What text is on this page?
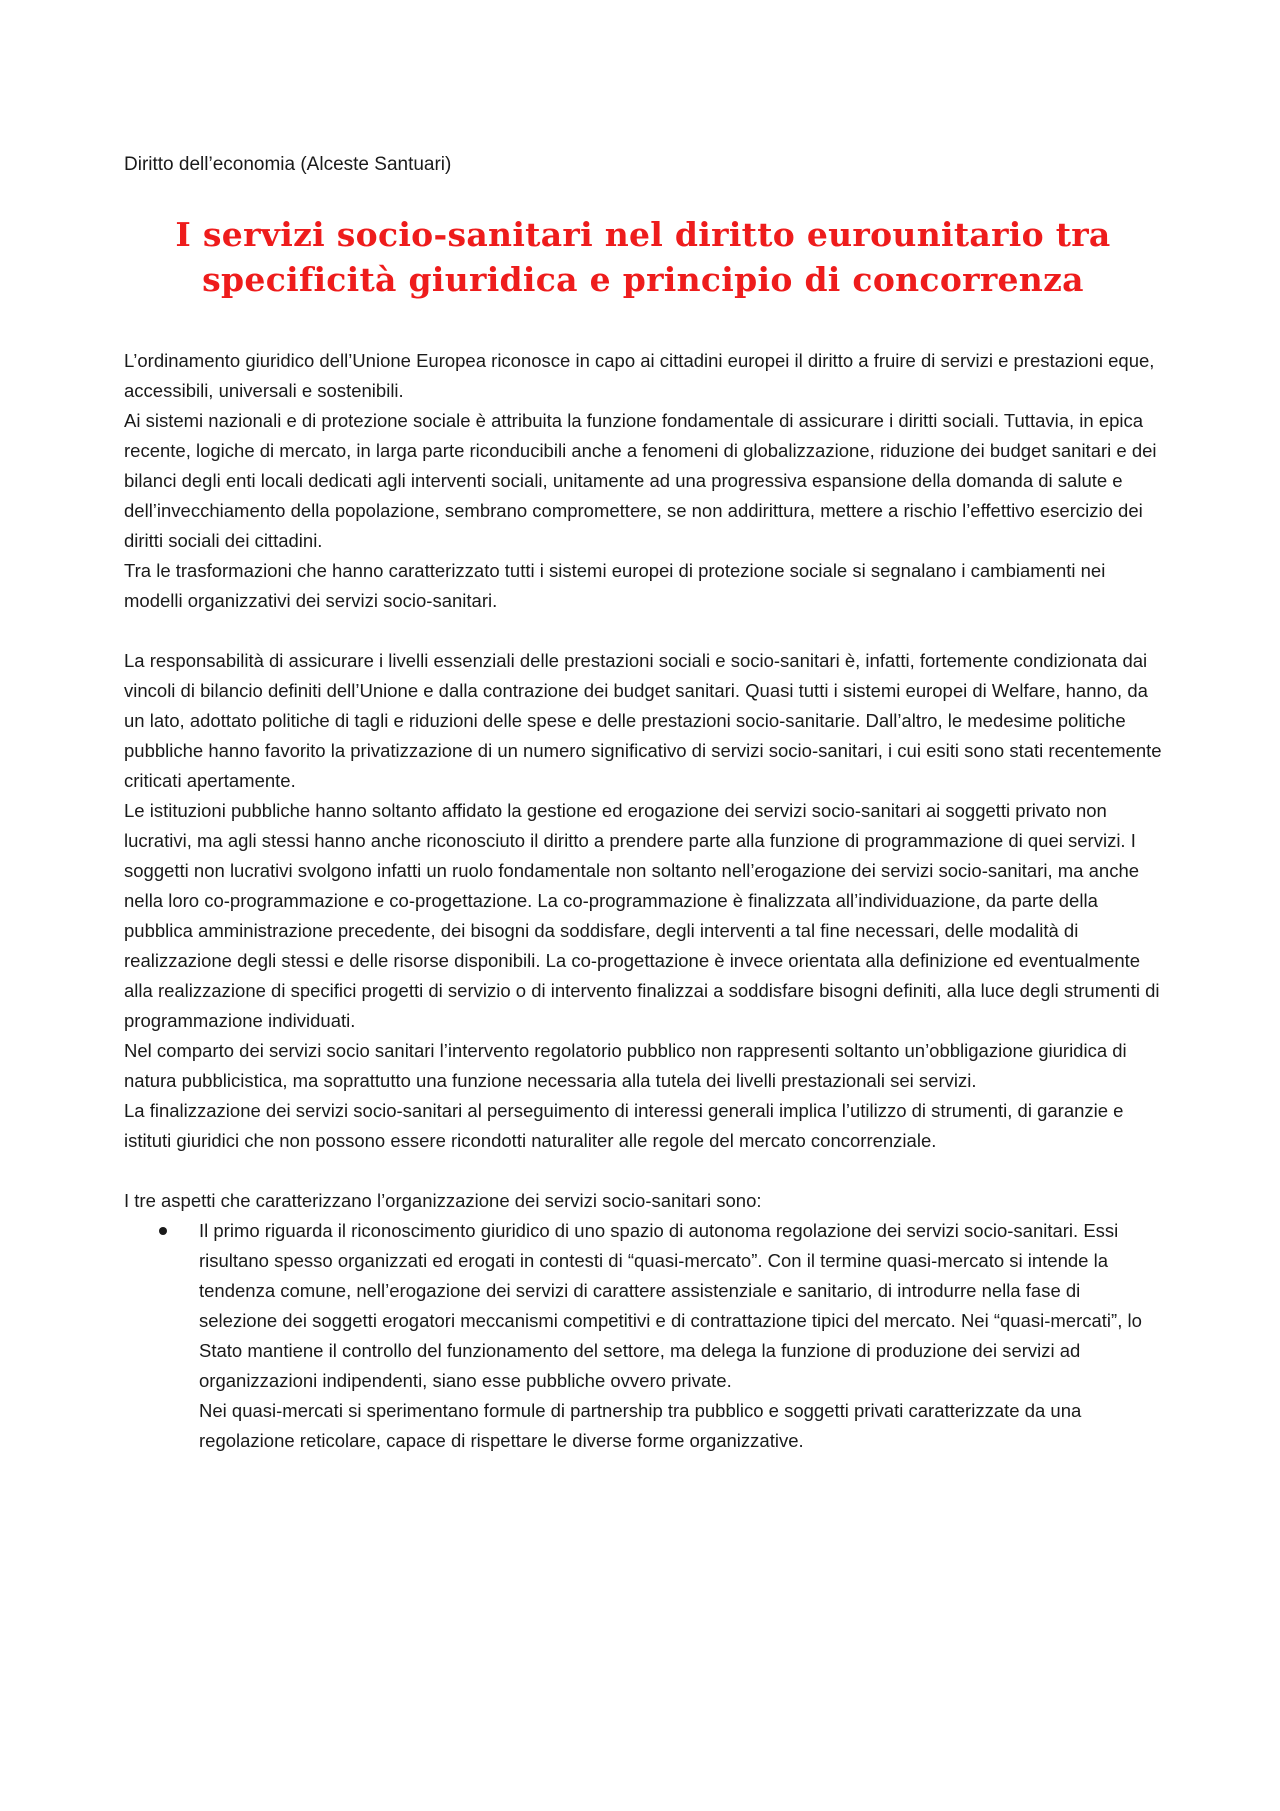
Diritto dell’economia (Alceste Santuari)

I servizi socio-sanitari nel diritto eurounitario tra
specificità giuridica e principio di concorrenza

L’ordinamento giuridico dell’Unione Europea riconosce in capo ai cittadini europei il diritto a fruire di servizi e prestazioni eque, accessibili, universali e sostenibili.

Ai sistemi nazionali e di protezione sociale è attribuita la funzione fondamentale di assicurare i diritti sociali. Tuttavia, in epica recente, logiche di mercato, in larga parte riconducibili anche a fenomeni di globalizzazione, riduzione dei budget sanitari e dei bilanci degli enti locali dedicati agli interventi sociali, unitamente ad una progressiva espansione della domanda di salute e dell’invecchiamento della popolazione, sembrano compromettere, se non addirittura, mettere a rischio l’effettivo esercizio dei diritti sociali dei cittadini.

Tra le trasformazioni che hanno caratterizzato tutti i sistemi europei di protezione sociale si segnalano i cambiamenti nei modelli organizzativi dei servizi socio-sanitari.

La responsabilità di assicurare i livelli essenziali delle prestazioni sociali e socio-sanitari è, infatti, fortemente condizionata dai vincoli di bilancio definiti dell’Unione e dalla contrazione dei budget sanitari. Quasi tutti i sistemi europei di Welfare, hanno, da un lato, adottato politiche di tagli e riduzioni delle spese e delle prestazioni socio-sanitarie. Dall’altro, le medesime politiche pubbliche hanno favorito la privatizzazione di un numero significativo di servizi socio-sanitari, i cui esiti sono stati recentemente criticati apertamente.

Le istituzioni pubbliche hanno soltanto affidato la gestione ed erogazione dei servizi socio-sanitari ai soggetti privato non lucrativi, ma agli stessi hanno anche riconosciuto il diritto a prendere parte alla funzione di programmazione di quei servizi. I soggetti non lucrativi svolgono infatti un ruolo fondamentale non soltanto nell’erogazione dei servizi socio-sanitari, ma anche nella loro co-programmazione e co-progettazione. La co-programmazione è finalizzata all’individuazione, da parte della pubblica amministrazione precedente, dei bisogni da soddisfare, degli interventi a tal fine necessari, delle modalità di realizzazione degli stessi e delle risorse disponibili. La co-progettazione è invece orientata alla definizione ed eventualmente alla realizzazione di specifici progetti di servizio o di intervento finalizzai a soddisfare bisogni definiti, alla luce degli strumenti di programmazione individuati.

Nel comparto dei servizi socio sanitari l’intervento regolatorio pubblico non rappresenti soltanto un’obbligazione giuridica di natura pubblicistica, ma soprattutto una funzione necessaria alla tutela dei livelli prestazionali sei servizi.

La finalizzazione dei servizi socio-sanitari al perseguimento di interessi generali implica l’utilizzo di strumenti, di garanzie e istituti giuridici che non possono essere ricondotti naturaliter alle regole del mercato concorrenziale.

I tre aspetti che caratterizzano l’organizzazione dei servizi socio-sanitari sono:

Il primo riguarda il riconoscimento giuridico di uno spazio di autonoma regolazione dei servizi socio-sanitari. Essi risultano spesso organizzati ed erogati in contesti di “quasi-mercato”. Con il termine quasi-mercato si intende la tendenza comune, nell’erogazione dei servizi di carattere assistenziale e sanitario, di introdurre nella fase di selezione dei soggetti erogatori meccanismi competitivi e di contrattazione tipici del mercato. Nei “quasi-mercati”, lo Stato mantiene il controllo del funzionamento del settore, ma delega la funzione di produzione dei servizi ad organizzazioni indipendenti, siano esse pubbliche ovvero private.

Nei quasi-mercati si sperimentano formule di partnership tra pubblico e soggetti privati caratterizzate da una regolazione reticolare, capace di rispettare le diverse forme organizzative.
